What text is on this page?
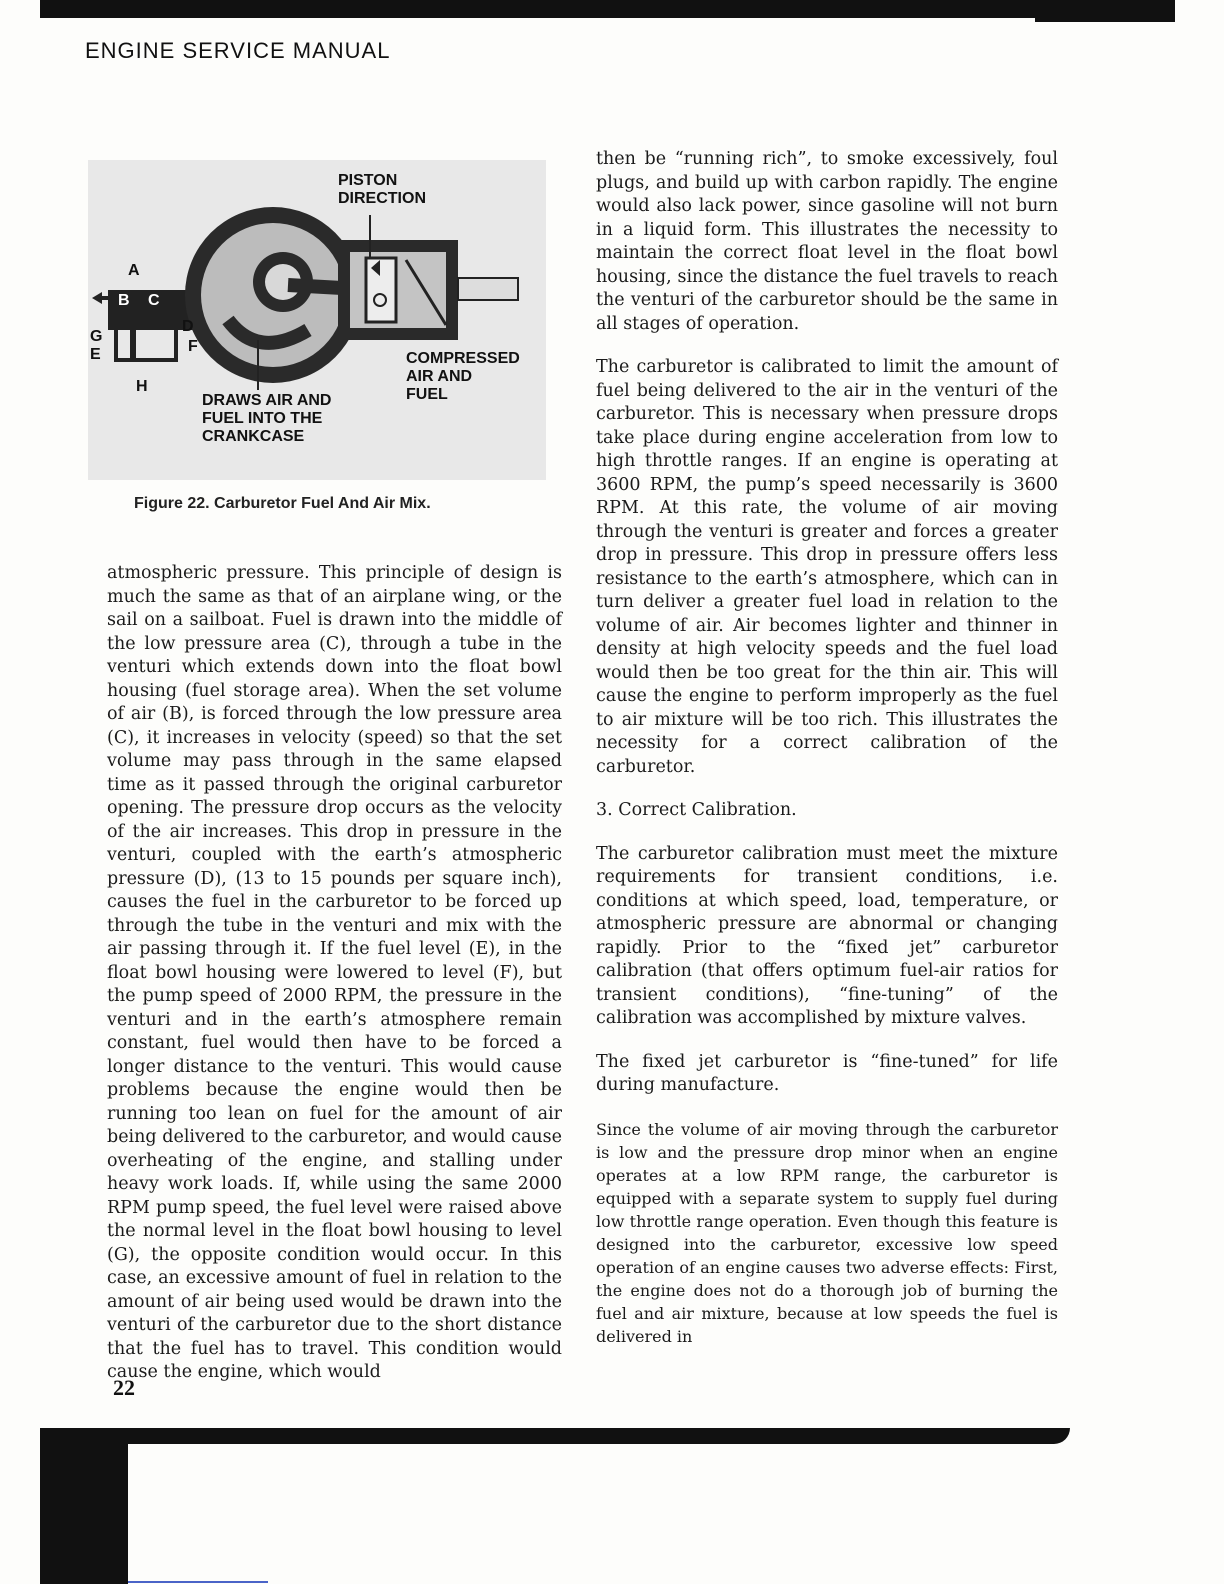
ENGINE SERVICE MANUAL
PISTON
DIRECTION
A
B C
D
E	F
G
H
COMPRESSED
AIR AND
FUEL
DRAWS AIR AND
FUEL INTO THE
CRANKCASE
Figure 22. Carburetor Fuel And Air Mix.

atmospheric pressure. This principle of design is much the same as that of an airplane wing, or the sail on a sailboat. Fuel is drawn into the middle of the low pressure area (C), through a tube in the venturi which extends down into the float bowl housing (fuel storage area). When the set volume of air (B), is forced through the low pressure area (C), it increases in velocity (speed) so that the set volume may pass through in the same elapsed time as it passed through the original carburetor opening. The pressure drop occurs as the velocity of the air increases. This drop in pressure in the venturi, coupled with the earth’s atmospheric pressure (D), (13 to 15 pounds per square inch), causes the fuel in the carburetor to be forced up through the tube in the venturi and mix with the air passing through it. If the fuel level (E), in the float bowl housing were lowered to level (F), but the pump speed of 2000 RPM, the pressure in the venturi and in the earth’s atmosphere remain constant, fuel would then have to be forced a longer distance to the venturi. This would cause problems because the engine would then be running too lean on fuel for the amount of air being delivered to the carburetor, and would cause overheating of the engine, and stalling under heavy work loads. If, while using the same 2000 RPM pump speed, the fuel level were raised above the normal level in the float bowl housing to level (G), the opposite condition would occur. In this case, an excessive amount of fuel in relation to the amount of air being used would be drawn into the venturi of the carburetor due to the short distance that the fuel has to travel. This condition would cause the engine, which would

then be “running rich”, to smoke excessively, foul plugs, and build up with carbon rapidly. The engine would also lack power, since gasoline will not burn in a liquid form. This illustrates the necessity to maintain the correct float level in the float bowl housing, since the distance the fuel travels to reach the venturi of the carburetor should be the same in all stages of operation.

The carburetor is calibrated to limit the amount of fuel being delivered to the air in the venturi of the carburetor. This is necessary when pressure drops take place during engine acceleration from low to high throttle ranges. If an engine is operating at 3600 RPM, the pump’s speed necessarily is 3600 RPM. At this rate, the volume of air moving through the venturi is greater and forces a greater drop in pressure. This drop in pressure offers less resistance to the earth’s atmosphere, which can in turn deliver a greater fuel load in relation to the volume of air. Air becomes lighter and thinner in density at high velocity speeds and the fuel load would then be too great for the thin air. This will cause the engine to perform improperly as the fuel to air mixture will be too rich. This illustrates the necessity for a correct calibration of the carburetor.

3. Correct Calibration.

The carburetor calibration must meet the mixture requirements for transient conditions, i.e. conditions at which speed, load, temperature, or atmospheric pressure are abnormal or changing rapidly. Prior to the “fixed jet” carburetor calibration (that offers optimum fuel-air ratios for transient conditions), “fine-tuning” of the calibration was accomplished by mixture valves.

The fixed jet carburetor is “fine-tuned” for life during manufacture.

Since the volume of air moving through the carburetor is low and the pressure drop minor when an engine operates at a low RPM range, the carburetor is equipped with a separate system to supply fuel during low throttle range operation. Even though this feature is designed into the carburetor, excessive low speed operation of an engine causes two adverse effects: First, the engine does not do a thorough job of burning the fuel and air mixture, because at low speeds the fuel is delivered in

22
